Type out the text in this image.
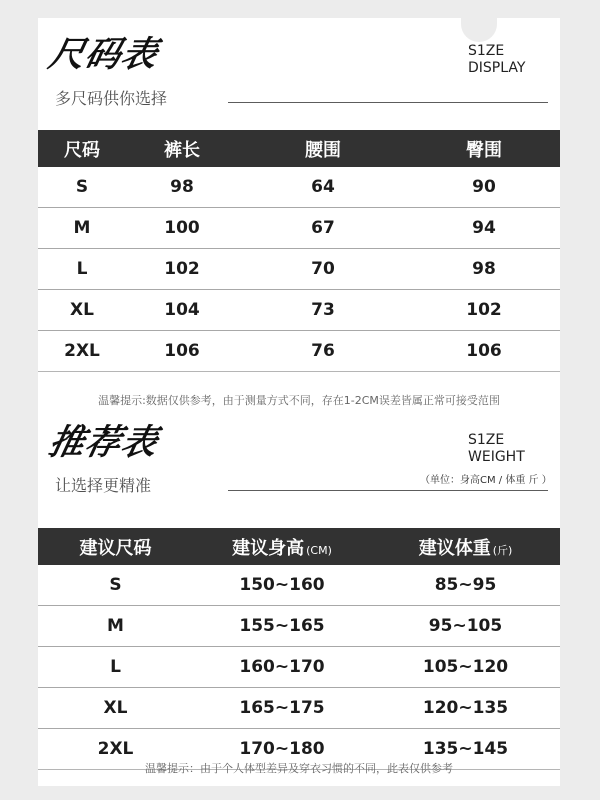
尺码表
多尺码供你选择
S1ZE
DISPLAY
尺码	裤长	腰围	臀围
S	98	64	90
M	100	67	94
L	102	70	98
XL	104	73	102
2XL	106	76	106
温馨提示:数据仅供参考，由于测量方式不同，存在1-2CM误差皆属正常可接受范围
推荐表
让选择更精准
S1ZE
WEIGHT
（单位：身高CM / 体重 斤 ）
建议尺码	建议身高 (CM)	建议体重 (斤)
S	150~160	85~95
M	155~165	95~105
L	160~170	105~120
XL	165~175	120~135
2XL	170~180	135~145
温馨提示：由于个人体型差异及穿衣习惯的不同，此表仅供参考
